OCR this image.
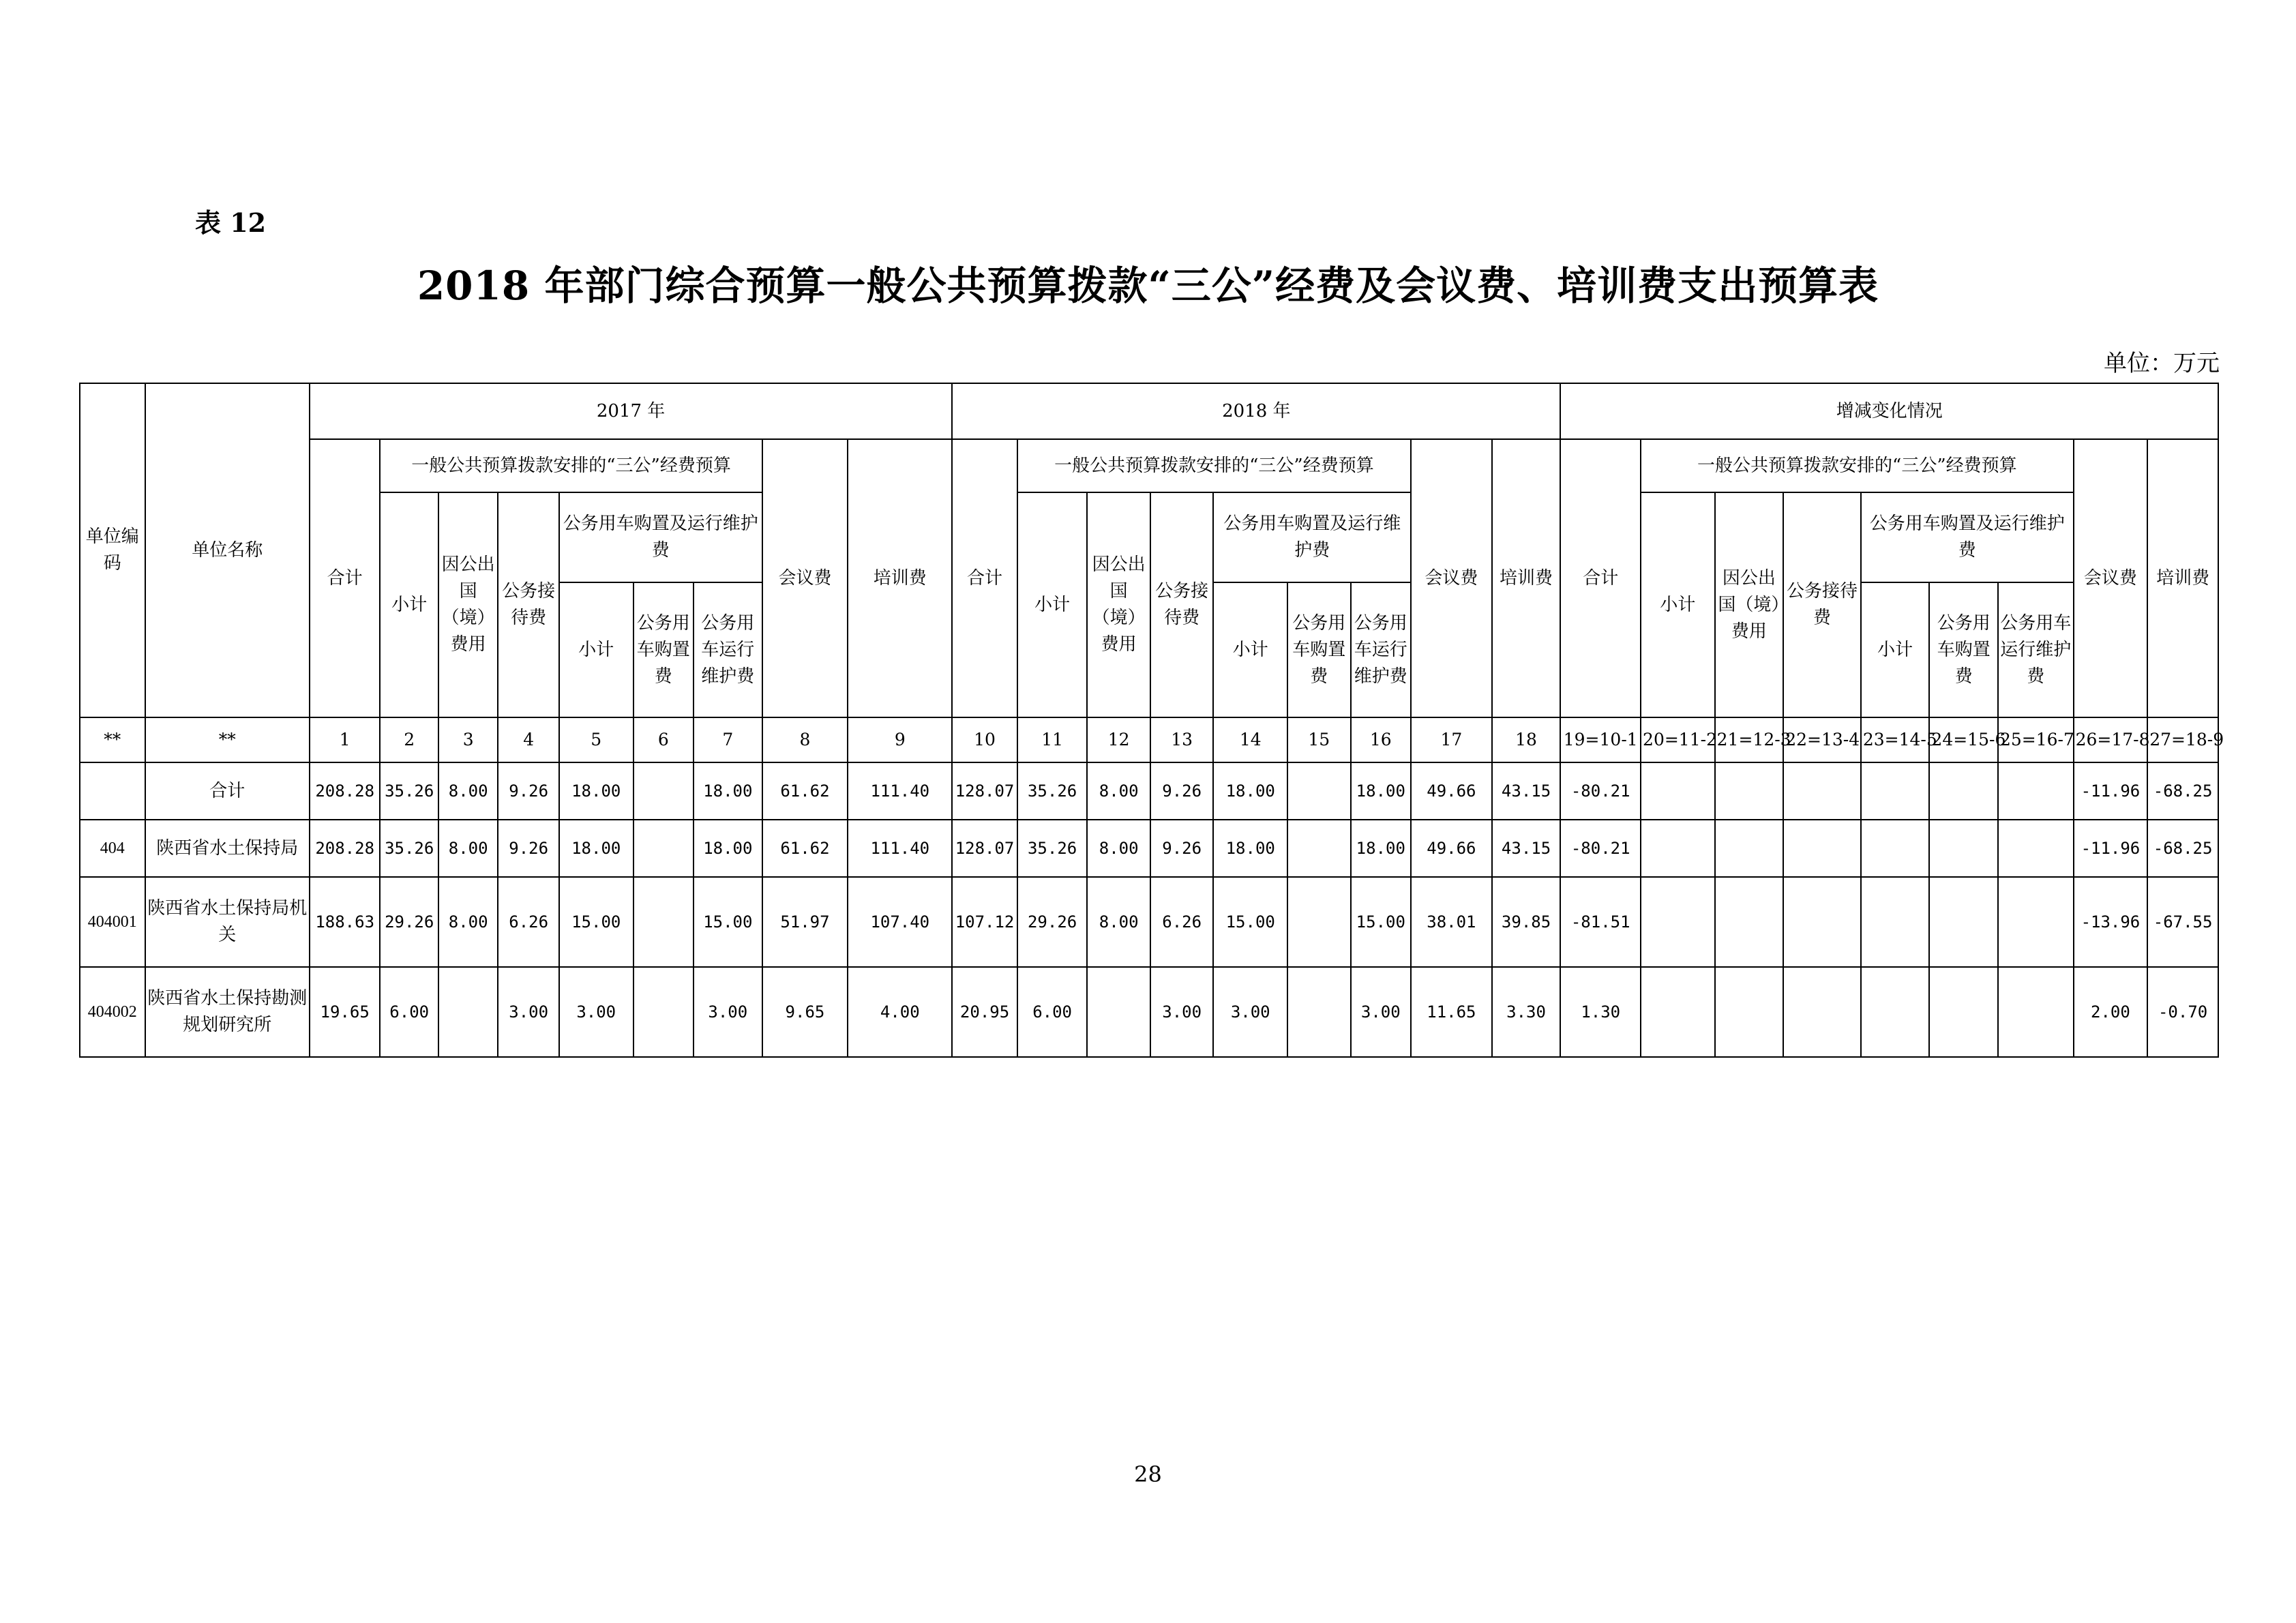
表 12
2018 年部门综合预算一般公共预算拨款“三公”经费及会议费、培训费支出预算表
单位：万元
单位编码	单位名称	2017 年									2018 年									增减变化情况								
		合计	一般公共预算拨款安排的“三公”经费预算						会议费	培训费	合计	一般公共预算拨款安排的“三公”经费预算						会议费	培训费	合计	一般公共预算拨款安排的“三公”经费预算						会议费	培训费
			小计	因公出国（境）费用	公务接待费	公务用车购置及运行维护费						小计	因公出国（境）费用	公务接待费	公务用车购置及运行维护费						小计	因公出国（境）费用	公务接待费	公务用车购置及运行维护费				
						小计	公务用车购置费	公务用车运行维护费							小计	公务用车购置费	公务用车运行维护费							小计	公务用车购置费	公务用车运行维护费		
**	**	1	2	3	4	5	6	7	8	9	10	11	12	13	14	15	16	17	18	19=10-1	20=11-2	21=12-3	22=13-4	23=14-5	24=15-6	25=16-7	26=17-8	27=18-9
	合计	208.28	35.26	8.00	9.26	18.00		18.00	61.62	111.40	128.07	35.26	8.00	9.26	18.00		18.00	49.66	43.15	-80.21							-11.96	-68.25
404	陕西省水土保持局	208.28	35.26	8.00	9.26	18.00		18.00	61.62	111.40	128.07	35.26	8.00	9.26	18.00		18.00	49.66	43.15	-80.21							-11.96	-68.25
404001	陕西省水土保持局机关	188.63	29.26	8.00	6.26	15.00		15.00	51.97	107.40	107.12	29.26	8.00	6.26	15.00		15.00	38.01	39.85	-81.51							-13.96	-67.55
404002	陕西省水土保持勘测规划研究所	19.65	6.00		3.00	3.00		3.00	9.65	4.00	20.95	6.00		3.00	3.00		3.00	11.65	3.30	1.30							2.00	-0.70
28
